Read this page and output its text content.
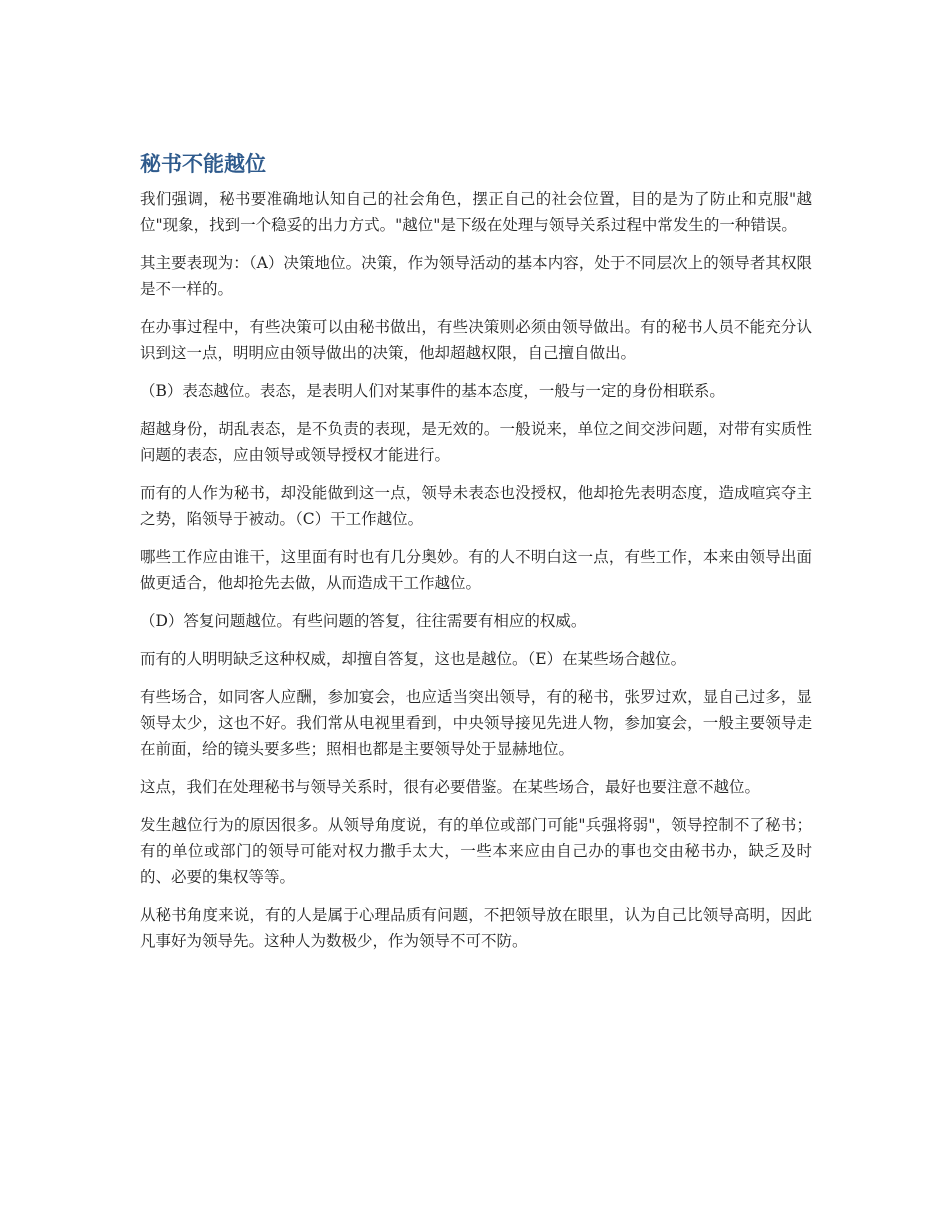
秘书不能越位

我们强调，秘书要准确地认知自己的社会角色，摆正自己的社会位置，目的是为了防止和克服"越位"现象，找到一个稳妥的出力方式。"越位"是下级在处理与领导关系过程中常发生的一种错误。

其主要表现为：（A）决策地位。决策，作为领导活动的基本内容，处于不同层次上的领导者其权限是不一样的。

在办事过程中，有些决策可以由秘书做出，有些决策则必须由领导做出。有的秘书人员不能充分认识到这一点，明明应由领导做出的决策，他却超越权限，自己擅自做出。

（B）表态越位。表态，是表明人们对某事件的基本态度，一般与一定的身份相联系。

超越身份，胡乱表态，是不负责的表现，是无效的。一般说来，单位之间交涉问题，对带有实质性问题的表态，应由领导或领导授权才能进行。

而有的人作为秘书，却没能做到这一点，领导未表态也没授权，他却抢先表明态度，造成喧宾夺主之势，陷领导于被动。（C）干工作越位。

哪些工作应由谁干，这里面有时也有几分奥妙。有的人不明白这一点，有些工作，本来由领导出面做更适合，他却抢先去做，从而造成干工作越位。

（D）答复问题越位。有些问题的答复，往往需要有相应的权威。

而有的人明明缺乏这种权威，却擅自答复，这也是越位。（E）在某些场合越位。

有些场合，如同客人应酬，参加宴会，也应适当突出领导，有的秘书，张罗过欢，显自己过多，显领导太少，这也不好。我们常从电视里看到，中央领导接见先进人物，参加宴会，一般主要领导走在前面，给的镜头要多些；照相也都是主要领导处于显赫地位。

这点，我们在处理秘书与领导关系时，很有必要借鉴。在某些场合，最好也要注意不越位。

发生越位行为的原因很多。从领导角度说，有的单位或部门可能"兵强将弱"，领导控制不了秘书；有的单位或部门的领导可能对权力撒手太大，一些本来应由自己办的事也交由秘书办，缺乏及时的、必要的集权等等。

从秘书角度来说，有的人是属于心理品质有问题，不把领导放在眼里，认为自己比领导高明，因此凡事好为领导先。这种人为数极少，作为领导不可不防。
